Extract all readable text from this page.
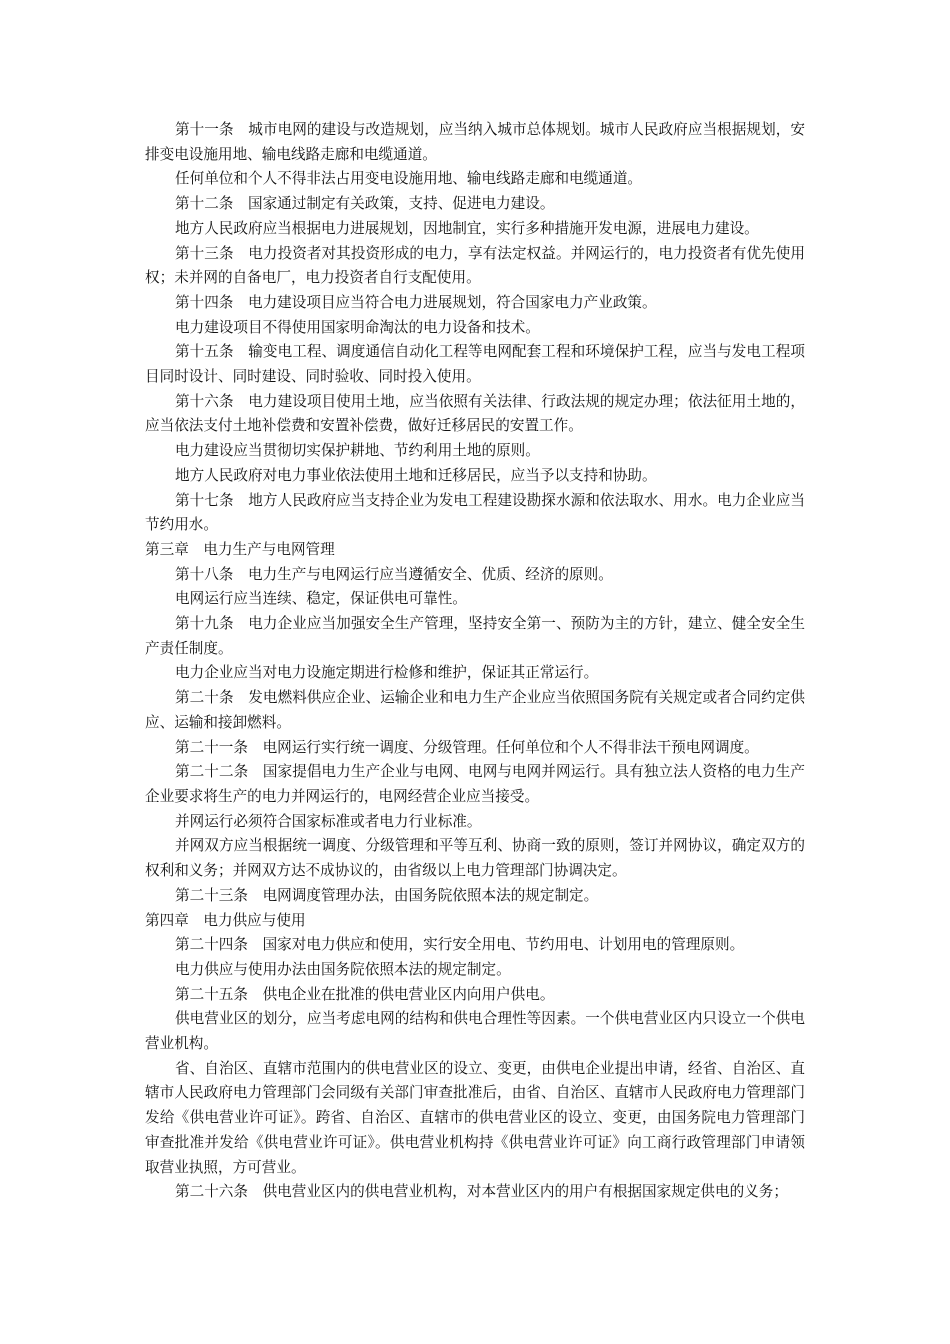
第十一条　城市电网的建设与改造规划，应当纳入城市总体规划。城市人民政府应当根据规划，安排变电设施用地、输电线路走廊和电缆通道。

任何单位和个人不得非法占用变电设施用地、输电线路走廊和电缆通道。

第十二条　国家通过制定有关政策，支持、促进电力建设。

地方人民政府应当根据电力进展规划，因地制宜，实行多种措施开发电源，进展电力建设。

第十三条　电力投资者对其投资形成的电力，享有法定权益。并网运行的，电力投资者有优先使用权；未并网的自备电厂，电力投资者自行支配使用。

第十四条　电力建设项目应当符合电力进展规划，符合国家电力产业政策。

电力建设项目不得使用国家明命淘汰的电力设备和技术。

第十五条　输变电工程、调度通信自动化工程等电网配套工程和环境保护工程，应当与发电工程项目同时设计、同时建设、同时验收、同时投入使用。

第十六条　电力建设项目使用土地，应当依照有关法律、行政法规的规定办理；依法征用土地的，应当依法支付土地补偿费和安置补偿费，做好迁移居民的安置工作。

电力建设应当贯彻切实保护耕地、节约利用土地的原则。

地方人民政府对电力事业依法使用土地和迁移居民，应当予以支持和协助。

第十七条　地方人民政府应当支持企业为发电工程建设勘探水源和依法取水、用水。电力企业应当节约用水。

第三章　电力生产与电网管理

第十八条　电力生产与电网运行应当遵循安全、优质、经济的原则。

电网运行应当连续、稳定，保证供电可靠性。

第十九条　电力企业应当加强安全生产管理，坚持安全第一、预防为主的方针，建立、健全安全生产责任制度。

电力企业应当对电力设施定期进行检修和维护，保证其正常运行。

第二十条　发电燃料供应企业、运输企业和电力生产企业应当依照国务院有关规定或者合同约定供应、运输和接卸燃料。

第二十一条　电网运行实行统一调度、分级管理。任何单位和个人不得非法干预电网调度。

第二十二条　国家提倡电力生产企业与电网、电网与电网并网运行。具有独立法人资格的电力生产企业要求将生产的电力并网运行的，电网经营企业应当接受。

并网运行必须符合国家标准或者电力行业标准。

并网双方应当根据统一调度、分级管理和平等互利、协商一致的原则，签订并网协议，确定双方的权利和义务；并网双方达不成协议的，由省级以上电力管理部门协调决定。

第二十三条　电网调度管理办法，由国务院依照本法的规定制定。

第四章　电力供应与使用

第二十四条　国家对电力供应和使用，实行安全用电、节约用电、计划用电的管理原则。

电力供应与使用办法由国务院依照本法的规定制定。

第二十五条　供电企业在批准的供电营业区内向用户供电。

供电营业区的划分，应当考虑电网的结构和供电合理性等因素。一个供电营业区内只设立一个供电营业机构。

省、自治区、直辖市范围内的供电营业区的设立、变更，由供电企业提出申请，经省、自治区、直辖市人民政府电力管理部门会同级有关部门审查批准后，由省、自治区、直辖市人民政府电力管理部门发给《供电营业许可证》。跨省、自治区、直辖市的供电营业区的设立、变更，由国务院电力管理部门审查批准并发给《供电营业许可证》。供电营业机构持《供电营业许可证》向工商行政管理部门申请领取营业执照，方可营业。

第二十六条　供电营业区内的供电营业机构，对本营业区内的用户有根据国家规定供电的义务；
